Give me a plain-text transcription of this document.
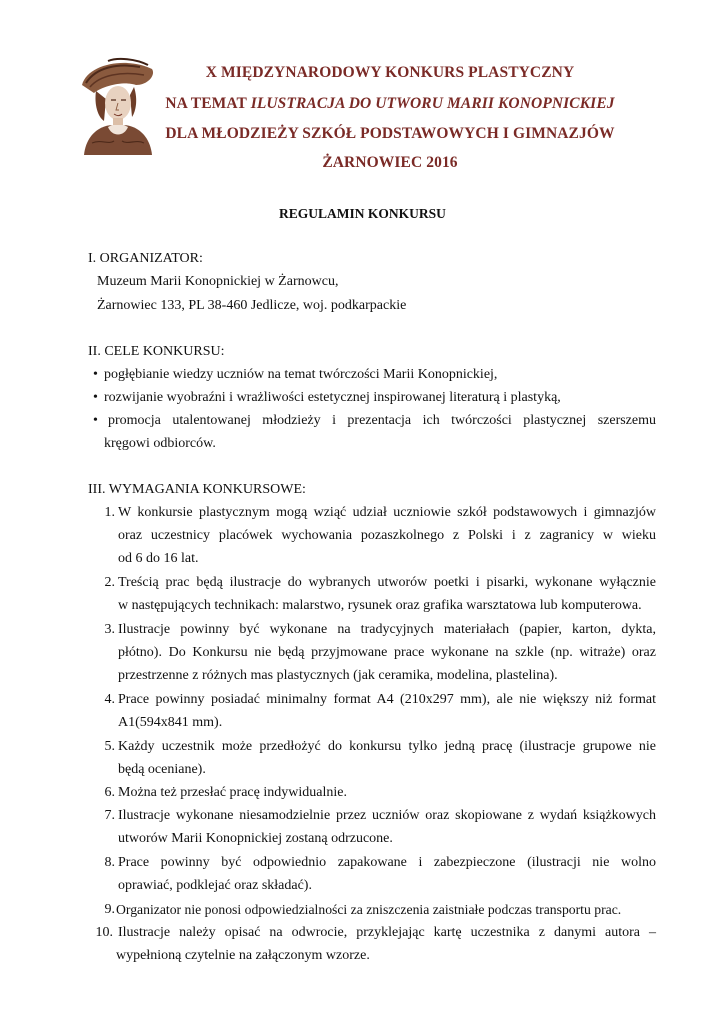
X MIĘDZYNARODOWY KONKURS PLASTYCZNY
NA TEMAT ILUSTRACJA DO UTWORU MARII KONOPNICKIEJ
DLA MŁODZIEŻY SZKÓŁ PODSTAWOWYCH I GIMNAZJÓW
ŻARNOWIEC 2016
REGULAMIN KONKURSU
I. ORGANIZATOR:
Muzeum Marii Konopnickiej w Żarnowcu,
Żarnowiec 133, PL 38-460 Jedlicze, woj. podkarpackie
II. CELE KONKURSU:
• pogłębianie wiedzy uczniów na temat twórczości Marii Konopnickiej,
• rozwijanie wyobraźni i wrażliwości estetycznej inspirowanej literaturą i plastyką,
• promocja utalentowanej młodzieży i prezentacja ich twórczości plastycznej szerszemu
kręgowi odbiorców.
III. WYMAGANIA KONKURSOWE:
1. W konkursie plastycznym mogą wziąć udział uczniowie szkół podstawowych i gimnazjów
oraz uczestnicy placówek wychowania pozaszkolnego z Polski i z zagranicy w wieku
od 6 do 16 lat.
2. Treścią prac będą ilustracje do wybranych utworów poetki i pisarki, wykonane wyłącznie
w następujących technikach: malarstwo, rysunek oraz grafika warsztatowa lub komputerowa.
3. Ilustracje powinny być wykonane na tradycyjnych materiałach (papier, karton, dykta,
płótno). Do Konkursu nie będą przyjmowane prace wykonane na szkle (np. witraże) oraz
przestrzenne z różnych mas plastycznych (jak ceramika, modelina, plastelina).
4. Prace powinny posiadać minimalny format A4 (210x297 mm), ale nie większy niż format
A1(594x841 mm).
5. Każdy uczestnik może przedłożyć do konkursu tylko jedną pracę (ilustracje grupowe nie
będą oceniane).
6. Można też przesłać pracę indywidualnie.
7. Ilustracje wykonane niesamodzielnie przez uczniów oraz skopiowane z wydań książkowych
utworów Marii Konopnickiej zostaną odrzucone.
8. Prace powinny być odpowiednio zapakowane i zabezpieczone (ilustracji nie wolno
oprawiać, podklejać oraz składać).
9. Organizator nie ponosi odpowiedzialności za zniszczenia zaistniałe podczas transportu prac.
10. Ilustracje należy opisać na odwrocie, przyklejając kartę uczestnika z danymi autora –
wypełnioną czytelnie na załączonym wzorze.
